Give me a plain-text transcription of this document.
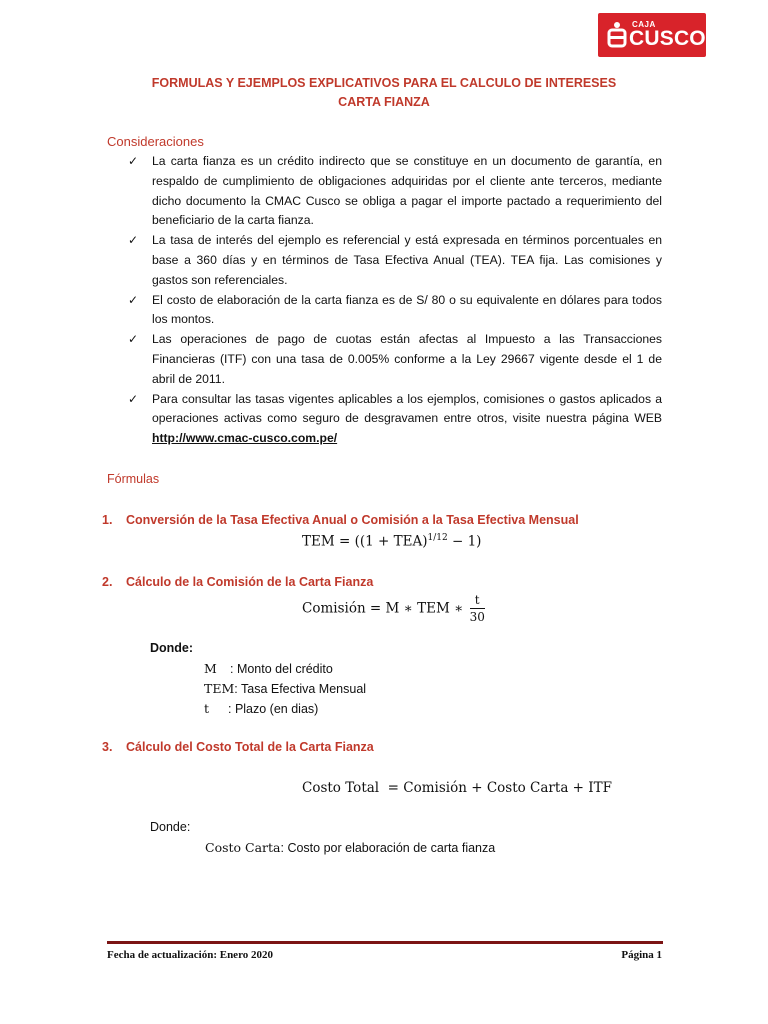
CAJA
CUSCO
FORMULAS Y EJEMPLOS EXPLICATIVOS PARA EL CALCULO DE INTERESES
CARTA FIANZA
Consideraciones
✓ La carta fianza es un crédito indirecto que se constituye en un documento de garantía, en respaldo de cumplimiento de obligaciones adquiridas por el cliente ante terceros, mediante dicho documento la CMAC Cusco se obliga a pagar el importe pactado a requerimiento del beneficiario de la carta fianza.
✓ La tasa de interés del ejemplo es referencial y está expresada en términos porcentuales en base a 360 días y en términos de Tasa Efectiva Anual (TEA). TEA fija. Las comisiones y gastos son referenciales.
✓ El costo de elaboración de la carta fianza es de S/ 80 o su equivalente en dólares para todos los montos.
✓ Las operaciones de pago de cuotas están afectas al Impuesto a las Transacciones Financieras (ITF) con una tasa de 0.005% conforme a la Ley 29667 vigente desde el 1 de abril de 2011.
✓ Para consultar las tasas vigentes aplicables a los ejemplos, comisiones o gastos aplicados a operaciones activas como seguro de desgravamen entre otros, visite nuestra página WEB http://www.cmac-cusco.com.pe/
Fórmulas
1. Conversión de la Tasa Efectiva Anual o Comisión a la Tasa Efectiva Mensual
TEM = ((1 + TEA)$^{1/12}$ − 1)
2. Cálculo de la Comisión de la Carta Fianza
Comisión = M ∗ TEM ∗ $\frac{t}{30}$
Donde:
M : Monto del crédito
TEM: Tasa Efectiva Mensual
t : Plazo (en dias)
3. Cálculo del Costo Total de la Carta Fianza
Costo Total  = Comisión + Costo Carta + ITF
Donde:
Costo Carta: Costo por elaboración de carta fianza
Fecha de actualización: Enero 2020	Página 1
